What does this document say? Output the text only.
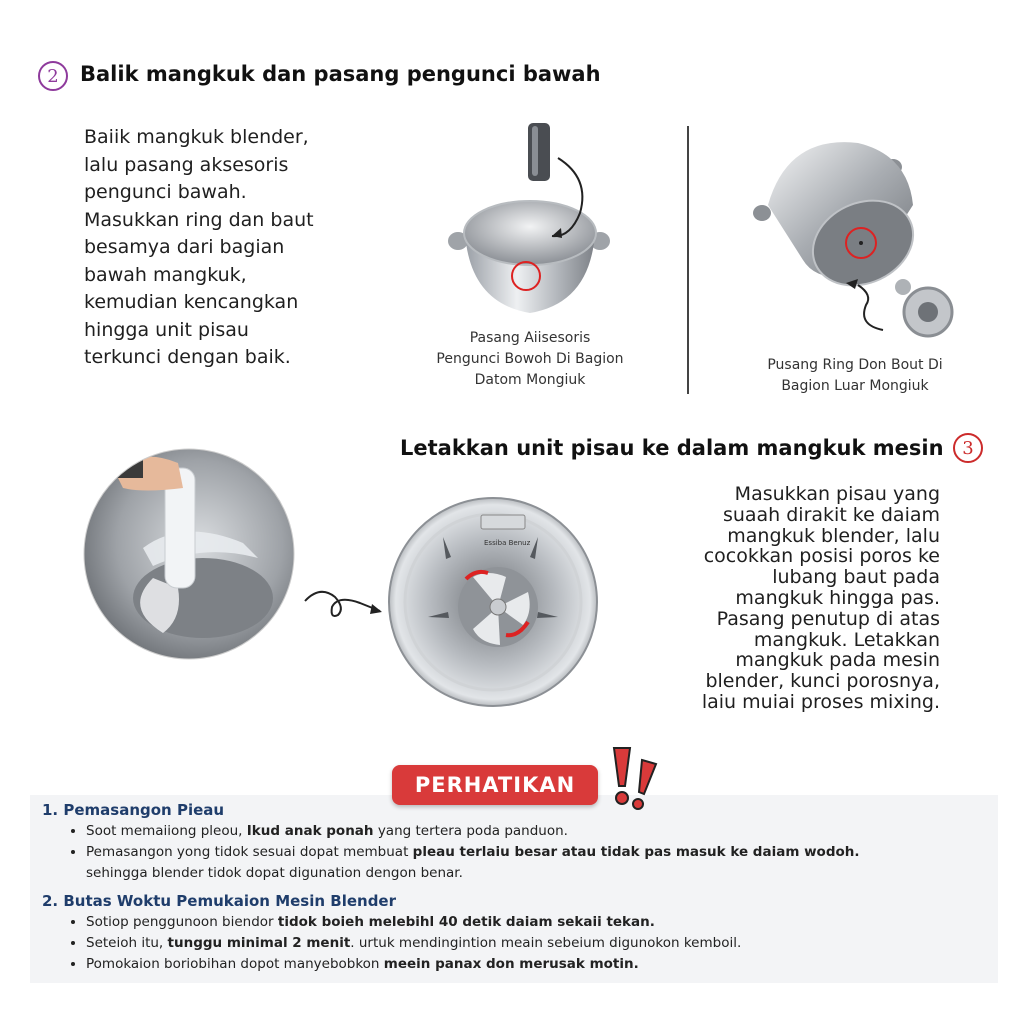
2	Balik mangkuk dan pasang pengunci bawah
Baiik mangkuk blender,
lalu pasang aksesoris
pengunci bawah.
Masukkan ring dan baut
besamya dari bagian
bawah mangkuk,
kemudian kencangkan
hingga unit pisau
terkunci dengan baik.
Pasang Aiisesoris
Pengunci Bowoh Di Bagion
Datom Mongiuk
Pusang Ring Don Bout Di
Bagion Luar Mongiuk
Letakkan unit pisau ke dalam mangkuk mesin	3
Essiba Benuz
Masukkan pisau yang
suaah dirakit ke daiam
mangkuk blender, lalu
cocokkan posisi poros ke
lubang baut pada
mangkuk hingga pas.
Pasang penutup di atas
mangkuk. Letakkan
mangkuk pada mesin
blender, kunci porosnya,
laiu muiai proses mixing.
1. Pemasangon Pieau
• Soot memaiiong pleou, Ikud anak ponah yang tertera poda panduon.
• Pemasangon yong tidok sesuai dopat membuat pleau terlaiu besar atau tidak pas masuk ke daiam wodoh.
sehingga blender tidok dopat digunation dengon benar.
2. Butas Woktu Pemukaion Mesin Blender
• Sotiop penggunoon biendor tidok boieh melebihl 40 detik daiam sekaii tekan.
• Seteioh itu, tunggu minimal 2 menit. urtuk mendingintion meain sebeium digunokon kemboil.
• Pomokaion boriobihan dopot manyebobkon meein panax don merusak motin.
PERHATIKAN
